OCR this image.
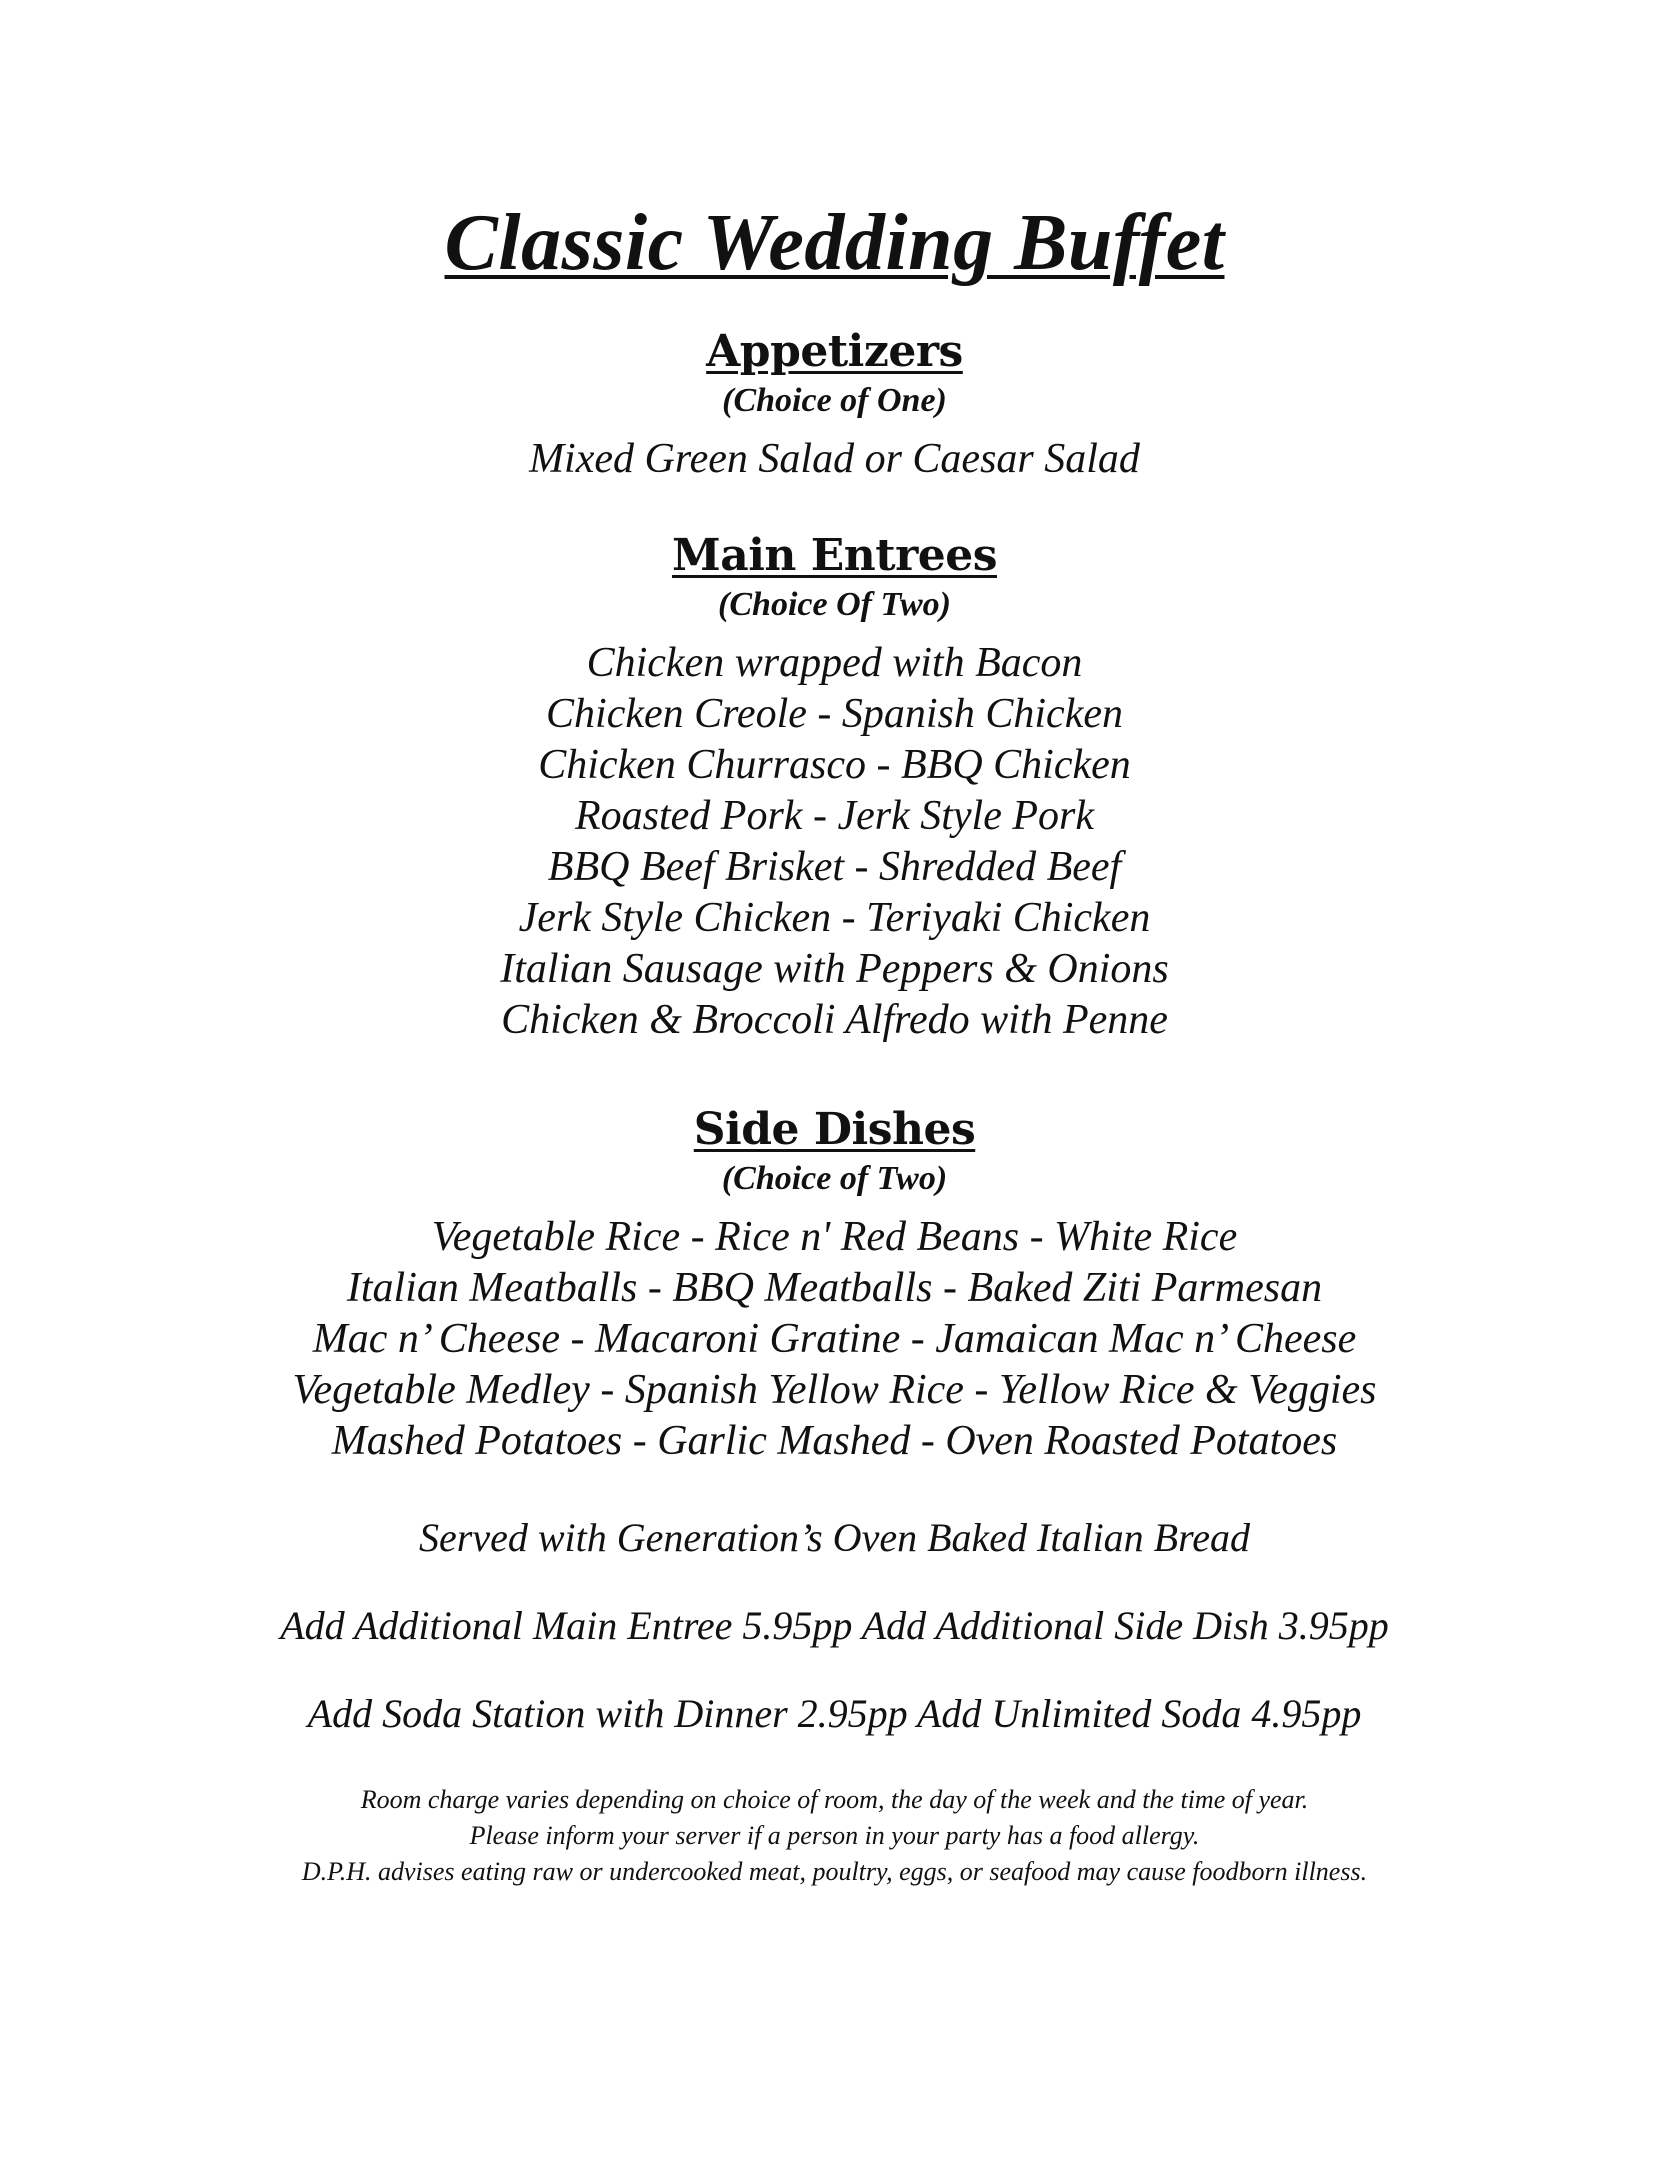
Classic Wedding Buffet
Appetizers
(Choice of One)
Mixed Green Salad or Caesar Salad
Main Entrees
(Choice Of Two)
Chicken wrapped with Bacon
Chicken Creole - Spanish Chicken
Chicken Churrasco - BBQ Chicken
Roasted Pork - Jerk Style Pork
BBQ Beef Brisket - Shredded Beef
Jerk Style Chicken - Teriyaki Chicken
Italian Sausage with Peppers & Onions
Chicken & Broccoli Alfredo with Penne
Side Dishes
(Choice of Two)
Vegetable Rice - Rice n' Red Beans - White Rice
Italian Meatballs - BBQ Meatballs - Baked Ziti Parmesan
Mac n’ Cheese - Macaroni Gratine - Jamaican Mac n’ Cheese
Vegetable Medley - Spanish Yellow Rice - Yellow Rice & Veggies
Mashed Potatoes - Garlic Mashed - Oven Roasted Potatoes
Served with Generation’s Oven Baked Italian Bread
Add Additional Main Entree 5.95pp Add Additional Side Dish 3.95pp
Add Soda Station with Dinner 2.95pp Add Unlimited Soda 4.95pp
Room charge varies depending on choice of room, the day of the week and the time of year.
Please inform your server if a person in your party has a food allergy.
D.P.H. advises eating raw or undercooked meat, poultry, eggs, or seafood may cause foodborn illness.
